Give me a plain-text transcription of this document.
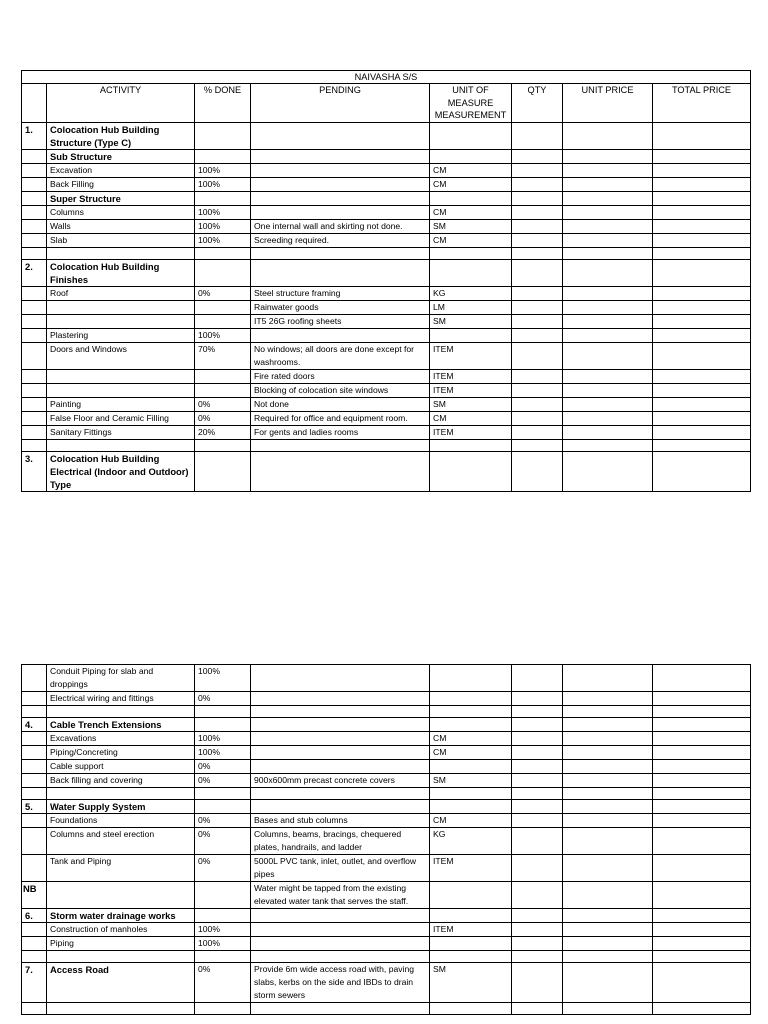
NAIVASHA S/S							
	ACTIVITY	% DONE	PENDING	UNIT OF MEASURE MEASUREMENT	QTY	UNIT PRICE	TOTAL PRICE
1.	Colocation Hub Building Structure (Type C)						
	Sub Structure						
	Excavation	100%		CM			
	Back Filling	100%		CM			
	Super Structure						
	Columns	100%		CM			
	Walls	100%	One internal wall and skirting not done.	SM			
	Slab	100%	Screeding required.	CM			

2.	Colocation Hub Building Finishes						
	Roof	0%	Steel structure framing	KG			
			Rainwater goods	LM			
			IT5 26G roofing sheets	SM			
	Plastering	100%					
	Doors and Windows	70%	No windows; all doors are done except for washrooms.	ITEM			
			Fire rated doors	ITEM			
			Blocking of colocation site windows	ITEM			
	Painting	0%	Not done	SM			
	False Floor and Ceramic Filling	0%	Required for office and equipment room.	CM			
	Sanitary Fittings	20%	For gents and ladies rooms	ITEM			

3.	Colocation Hub Building Electrical (Indoor and Outdoor) Type						
	Conduit Piping for slab and droppings	100%					
	Electrical wiring and fittings	0%					

4.	Cable Trench Extensions						
	Excavations	100%		CM			
	Piping/Concreting	100%		CM			
	Cable support	0%					
	Back filling and covering	0%	900x600mm precast concrete covers	SM			

5.	Water Supply System						
	Foundations	0%	Bases and stub columns	CM			
	Columns and steel erection	0%	Columns, beams, bracings, chequered plates, handrails, and ladder	KG			
	Tank and Piping	0%	5000L PVC tank, inlet, outlet, and overflow pipes	ITEM			
NB			Water might be tapped from the existing elevated water tank that serves the staff.				
6.	Storm water drainage works						
	Construction of manholes	100%		ITEM			
	Piping	100%					

7.	Access Road	0%	Provide 6m wide access road with, paving slabs, kerbs on the side and IBDs to drain storm sewers	SM			
